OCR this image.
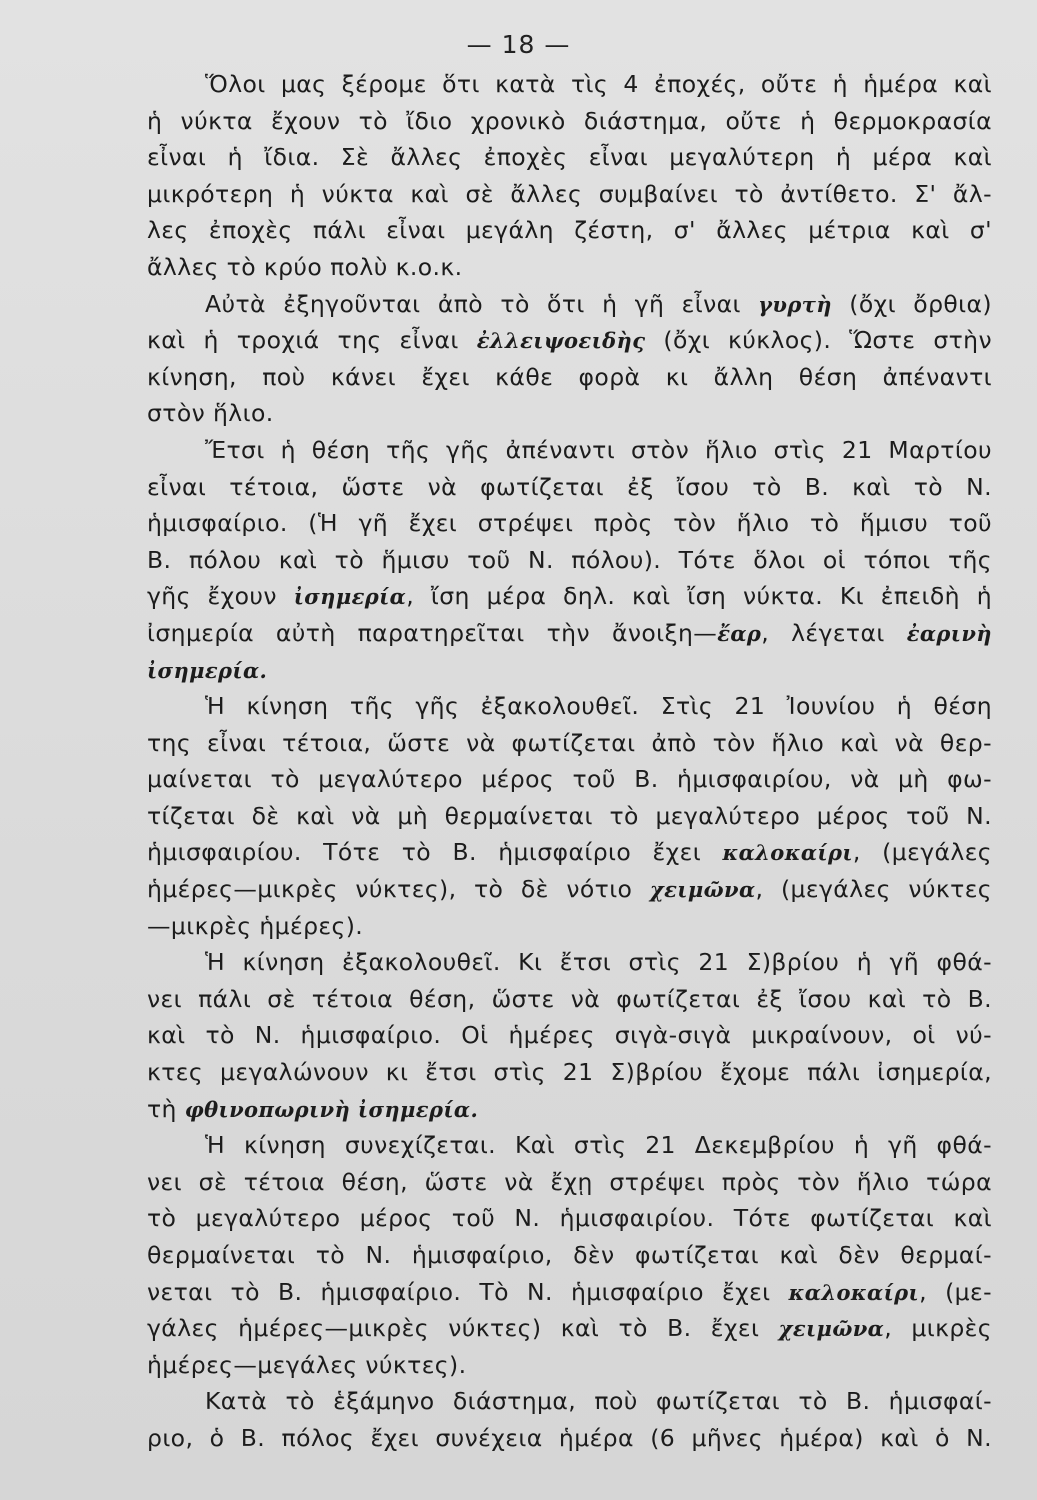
— 18 —
Ὅλοι μας ξέρομε ὅτι κατὰ τὶς 4 ἐποχές, οὔτε ἡ ἡμέρα καὶ
ἡ νύκτα ἔχουν τὸ ἴδιο χρονικὸ διάστημα, οὔτε ἡ θερμοκρασία
εἶναι ἡ ἴδια. Σὲ ἄλλες ἐποχὲς εἶναι μεγαλύτερη ἡ μέρα καὶ
μικρότερη ἡ νύκτα καὶ σὲ ἄλλες συμβαίνει τὸ ἀντίθετο. Σ' ἄλ-
λες ἐποχὲς πάλι εἶναι μεγάλη ζέστη, σ' ἄλλες μέτρια καὶ σ'
ἄλλες τὸ κρύο πολὺ κ.ο.κ.
Αὐτὰ ἐξηγοῦνται ἀπὸ τὸ ὅτι ἡ γῆ εἶναι γυρτὴ (ὄχι ὄρθια)
καὶ ἡ τροχιά της εἶναι ἐλλειψοειδὴς (ὄχι κύκλος). Ὥστε στὴν
κίνηση, ποὺ κάνει ἔχει κάθε φορὰ κι ἄλλη θέση ἀπέναντι
στὸν ἥλιο.
Ἔτσι ἡ θέση τῆς γῆς ἀπέναντι στὸν ἥλιο στὶς 21 Μαρτίου
εἶναι τέτοια, ὥστε νὰ φωτίζεται ἐξ ἴσου τὸ Β. καὶ τὸ Ν.
ἡμισφαίριο. (Ἡ γῆ ἔχει στρέψει πρὸς τὸν ἥλιο τὸ ἥμισυ τοῦ
Β. πόλου καὶ τὸ ἥμισυ τοῦ Ν. πόλου). Τότε ὅλοι οἱ τόποι τῆς
γῆς ἔχουν ἰσημερία, ἴση μέρα δηλ. καὶ ἴση νύκτα. Κι ἐπειδὴ ἡ
ἰσημερία αὐτὴ παρατηρεῖται τὴν ἄνοιξη—ἔαρ, λέγεται ἐαρινὴ
ἰσημερία.
Ἡ κίνηση τῆς γῆς ἐξακολουθεῖ. Στὶς 21 Ἰουνίου ἡ θέση
της εἶναι τέτοια, ὥστε νὰ φωτίζεται ἀπὸ τὸν ἥλιο καὶ νὰ θερ-
μαίνεται τὸ μεγαλύτερο μέρος τοῦ Β. ἡμισφαιρίου, νὰ μὴ φω-
τίζεται δὲ καὶ νὰ μὴ θερμαίνεται τὸ μεγαλύτερο μέρος τοῦ Ν.
ἡμισφαιρίου. Τότε τὸ Β. ἡμισφαίριο ἔχει καλοκαίρι, (μεγάλες
ἡμέρες—μικρὲς νύκτες), τὸ δὲ νότιο χειμῶνα, (μεγάλες νύκτες
—μικρὲς ἡμέρες).
Ἡ κίνηση ἐξακολουθεῖ. Κι ἔτσι στὶς 21 Σ)βρίου ἡ γῆ φθά-
νει πάλι σὲ τέτοια θέση, ὥστε νὰ φωτίζεται ἐξ ἴσου καὶ τὸ Β.
καὶ τὸ Ν. ἡμισφαίριο. Οἱ ἡμέρες σιγὰ-σιγὰ μικραίνουν, οἱ νύ-
κτες μεγαλώνουν κι ἔτσι στὶς 21 Σ)βρίου ἔχομε πάλι ἰσημερία,
τὴ φθινοπωρινὴ ἰσημερία.
Ἡ κίνηση συνεχίζεται. Καὶ στὶς 21 Δεκεμβρίου ἡ γῆ φθά-
νει σὲ τέτοια θέση, ὥστε νὰ ἔχῃ στρέψει πρὸς τὸν ἥλιο τώρα
τὸ μεγαλύτερο μέρος τοῦ Ν. ἡμισφαιρίου. Τότε φωτίζεται καὶ
θερμαίνεται τὸ Ν. ἡμισφαίριο, δὲν φωτίζεται καὶ δὲν θερμαί-
νεται τὸ Β. ἡμισφαίριο. Τὸ Ν. ἡμισφαίριο ἔχει καλοκαίρι, (με-
γάλες ἡμέρες—μικρὲς νύκτες) καὶ τὸ Β. ἔχει χειμῶνα, μικρὲς
ἡμέρες—μεγάλες νύκτες).
Κατὰ τὸ ἑξάμηνο διάστημα, ποὺ φωτίζεται τὸ Β. ἡμισφαί-
ριο, ὁ Β. πόλος ἔχει συνέχεια ἡμέρα (6 μῆνες ἡμέρα) καὶ ὁ Ν.
